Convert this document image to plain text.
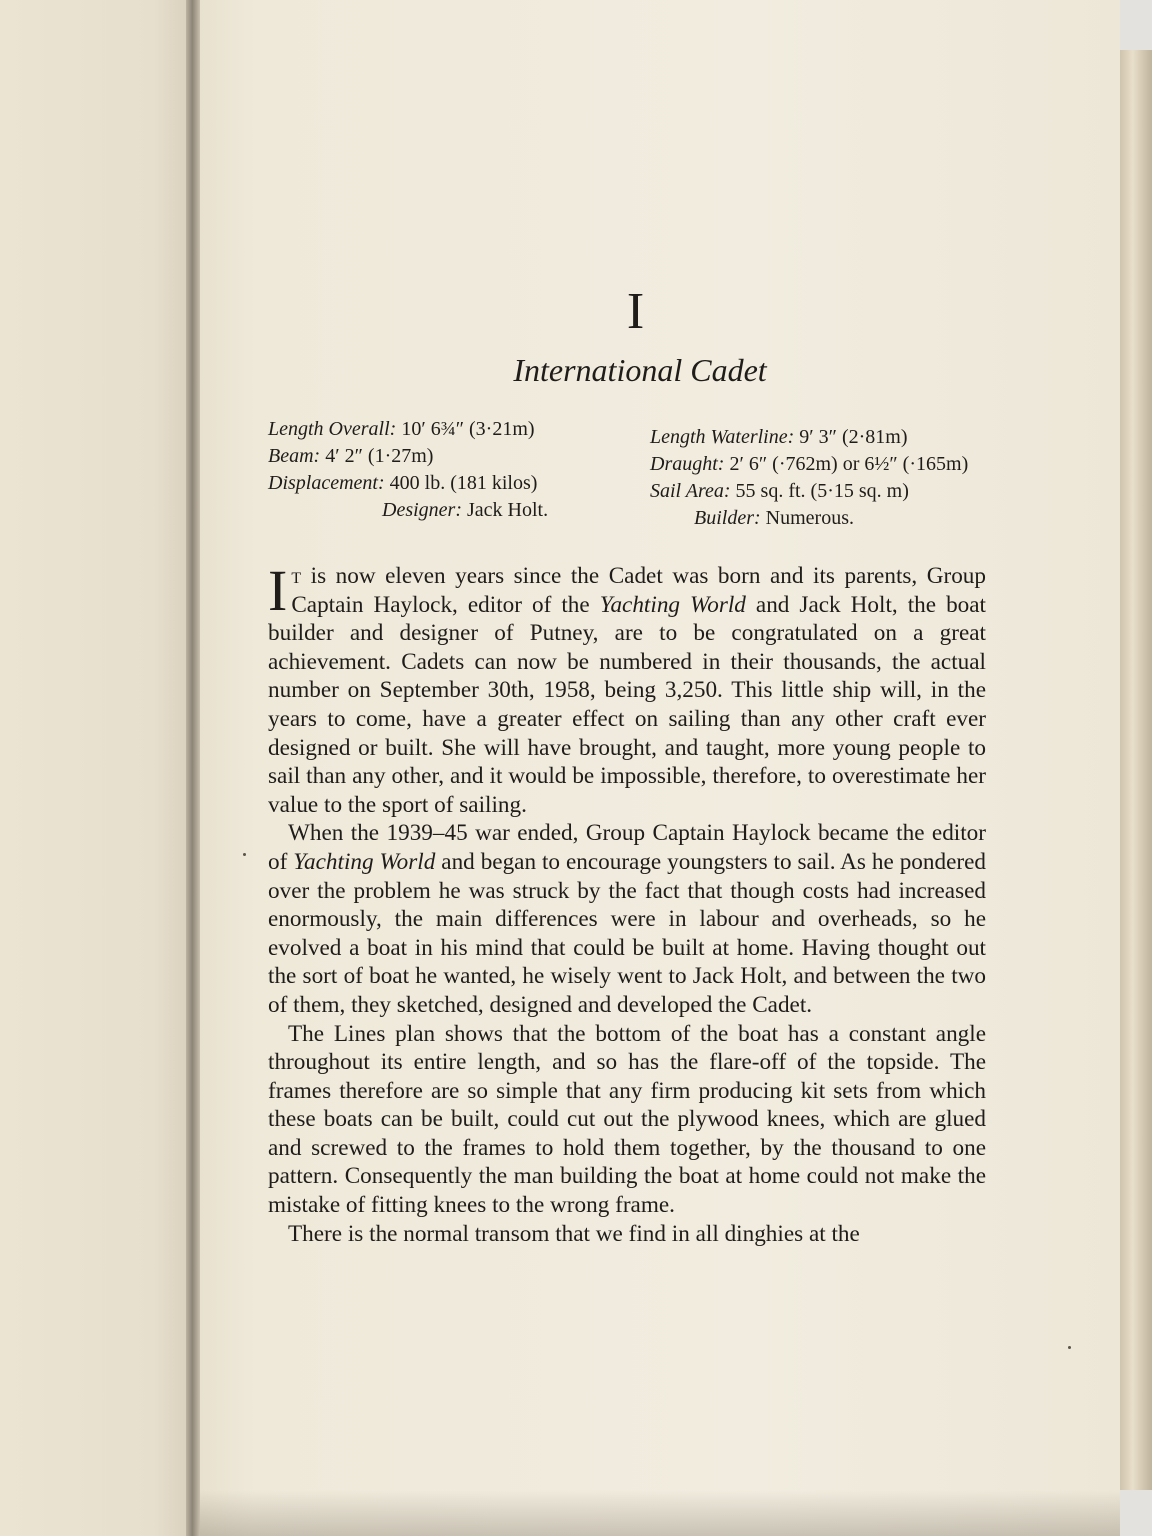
I
International Cadet
Length Overall: 10′ 6¾″ (3·21m)
Beam: 4′ 2″ (1·27m)
Displacement: 400 lb. (181 kilos)
Designer: Jack Holt.
Length Waterline: 9′ 3″ (2·81m)
Draught: 2′ 6″ (·762m) or 6½″ (·165m)
Sail Area: 55 sq. ft. (5·15 sq. m)
Builder: Numerous.

It is now eleven years since the Cadet was born and its parents, Group Captain Haylock, editor of the Yachting World and Jack Holt, the boat builder and designer of Putney, are to be congratulated on a great achievement. Cadets can now be numbered in their thousands, the actual number on September 30th, 1958, being 3,250. This little ship will, in the years to come, have a greater effect on sailing than any other craft ever designed or built. She will have brought, and taught, more young people to sail than any other, and it would be impossible, therefore, to overestimate her value to the sport of sailing.

When the 1939–45 war ended, Group Captain Haylock became the editor of Yachting World and began to encourage youngsters to sail. As he pondered over the problem he was struck by the fact that though costs had increased enormously, the main differences were in labour and overheads, so he evolved a boat in his mind that could be built at home. Having thought out the sort of boat he wanted, he wisely went to Jack Holt, and between the two of them, they sketched, designed and developed the Cadet.

The Lines plan shows that the bottom of the boat has a constant angle throughout its entire length, and so has the flare-off of the topside. The frames therefore are so simple that any firm producing kit sets from which these boats can be built, could cut out the plywood knees, which are glued and screwed to the frames to hold them together, by the thousand to one pattern. Consequently the man building the boat at home could not make the mistake of fitting knees to the wrong frame.

There is the normal transom that we find in all dinghies at the
